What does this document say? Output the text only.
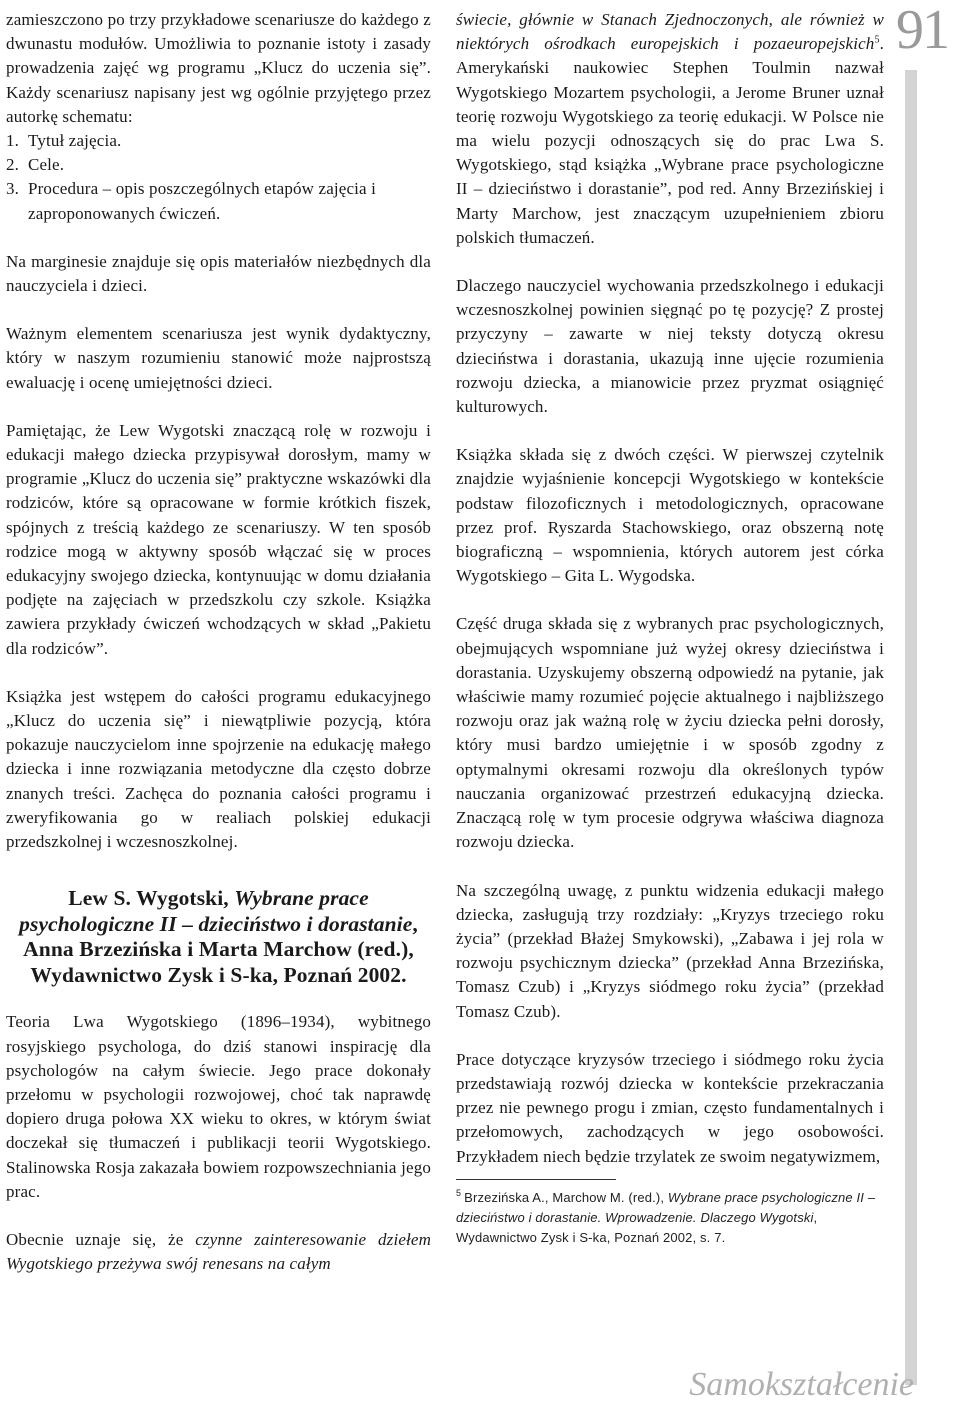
91

zamieszczono po trzy przykładowe scenariusze do każdego z dwunastu modułów. Umożliwia to poznanie istoty i zasady prowadzenia zajęć wg programu „Klucz do uczenia się”. Każdy scenariusz napisany jest wg ogólnie przyjętego przez autorkę schematu:

1. Tytuł zajęcia.
2. Cele.
3. Procedura – opis poszczególnych etapów zajęcia i zaproponowanych ćwiczeń.

Na marginesie znajduje się opis materiałów niezbędnych dla nauczyciela i dzieci.

Ważnym elementem scenariusza jest wynik dydaktyczny, który w naszym rozumieniu stanowić może najprostszą ewaluację i ocenę umiejętności dzieci.

Pamiętając, że Lew Wygotski znaczącą rolę w rozwoju i edukacji małego dziecka przypisywał dorosłym, mamy w programie „Klucz do uczenia się” praktyczne wskazówki dla rodziców, które są opracowane w formie krótkich fiszek, spójnych z treścią każdego ze scenariuszy. W ten sposób rodzice mogą w aktywny sposób włączać się w proces edukacyjny swojego dziecka, kontynuując w domu działania podjęte na zajęciach w przedszkolu czy szkole. Książka zawiera przykłady ćwiczeń wchodzących w skład „Pakietu dla rodziców”.

Książka jest wstępem do całości programu edukacyjnego „Klucz do uczenia się” i niewątpliwie pozycją, która pokazuje nauczycielom inne spojrzenie na edukację małego dziecka i inne rozwiązania metodyczne dla często dobrze znanych treści. Zachęca do poznania całości programu i zweryfikowania go w realiach polskiej edukacji przedszkolnej i wczesnoszkolnej.

Lew S. Wygotski, Wybrane prace psychologiczne II – dzieciństwo i dorastanie, Anna Brzezińska i Marta Marchow (red.), Wydawnictwo Zysk i S-ka, Poznań 2002.

Teoria Lwa Wygotskiego (1896–1934), wybitnego rosyjskiego psychologa, do dziś stanowi inspirację dla psychologów na całym świecie. Jego prace dokonały przełomu w psychologii rozwojowej, choć tak naprawdę dopiero druga połowa XX wieku to okres, w którym świat doczekał się tłumaczeń i publikacji teorii Wygotskiego. Stalinowska Rosja zakazała bowiem rozpowszechniania jego prac.

Obecnie uznaje się, że czynne zainteresowanie dziełem Wygotskiego przeżywa swój renesans na całym

świecie, głównie w Stanach Zjednoczonych, ale również w niektórych ośrodkach europejskich i pozaeuropejskich$^5$. Amerykański naukowiec Stephen Toulmin nazwał Wygotskiego Mozartem psychologii, a Jerome Bruner uznał teorię rozwoju Wygotskiego za teorię edukacji. W Polsce nie ma wielu pozycji odnoszących się do prac Lwa S. Wygotskiego, stąd książka „Wybrane prace psychologiczne II – dzieciństwo i dorastanie”, pod red. Anny Brzezińskiej i Marty Marchow, jest znaczącym uzupełnieniem zbioru polskich tłumaczeń.

Dlaczego nauczyciel wychowania przedszkolnego i edukacji wczesnoszkolnej powinien sięgnąć po tę pozycję? Z prostej przyczyny – zawarte w niej teksty dotyczą okresu dzieciństwa i dorastania, ukazują inne ujęcie rozumienia rozwoju dziecka, a mianowicie przez pryzmat osiągnięć kulturowych.

Książka składa się z dwóch części. W pierwszej czytelnik znajdzie wyjaśnienie koncepcji Wygotskiego w kontekście podstaw filozoficznych i metodologicznych, opracowane przez prof. Ryszarda Stachowskiego, oraz obszerną notę biograficzną – wspomnienia, których autorem jest córka Wygotskiego – Gita L. Wygodska.

Część druga składa się z wybranych prac psychologicznych, obejmujących wspomniane już wyżej okresy dzieciństwa i dorastania. Uzyskujemy obszerną odpowiedź na pytanie, jak właściwie mamy rozumieć pojęcie aktualnego i najbliższego rozwoju oraz jak ważną rolę w życiu dziecka pełni dorosły, który musi bardzo umiejętnie i w sposób zgodny z optymalnymi okresami rozwoju dla określonych typów nauczania organizować przestrzeń edukacyjną dziecka. Znaczącą rolę w tym procesie odgrywa właściwa diagnoza rozwoju dziecka.

Na szczególną uwagę, z punktu widzenia edukacji małego dziecka, zasługują trzy rozdziały: „Kryzys trzeciego roku życia” (przekład Błażej Smykowski), „Zabawa i jej rola w rozwoju psychicznym dziecka” (przekład Anna Brzezińska, Tomasz Czub) i „Kryzys siódmego roku życia” (przekład Tomasz Czub).

Prace dotyczące kryzysów trzeciego i siódmego roku życia przedstawiają rozwój dziecka w kontekście przekraczania przez nie pewnego progu i zmian, często fundamentalnych i przełomowych, zachodzących w jego osobowości. Przykładem niech będzie trzylatek ze swoim negatywizmem,

$^5$ Brzezińska A., Marchow M. (red.), Wybrane prace psychologiczne II – dzieciństwo i dorastanie. Wprowadzenie. Dlaczego Wygotski, Wydawnictwo Zysk i S-ka, Poznań 2002, s. 7.
Samokształcenie
